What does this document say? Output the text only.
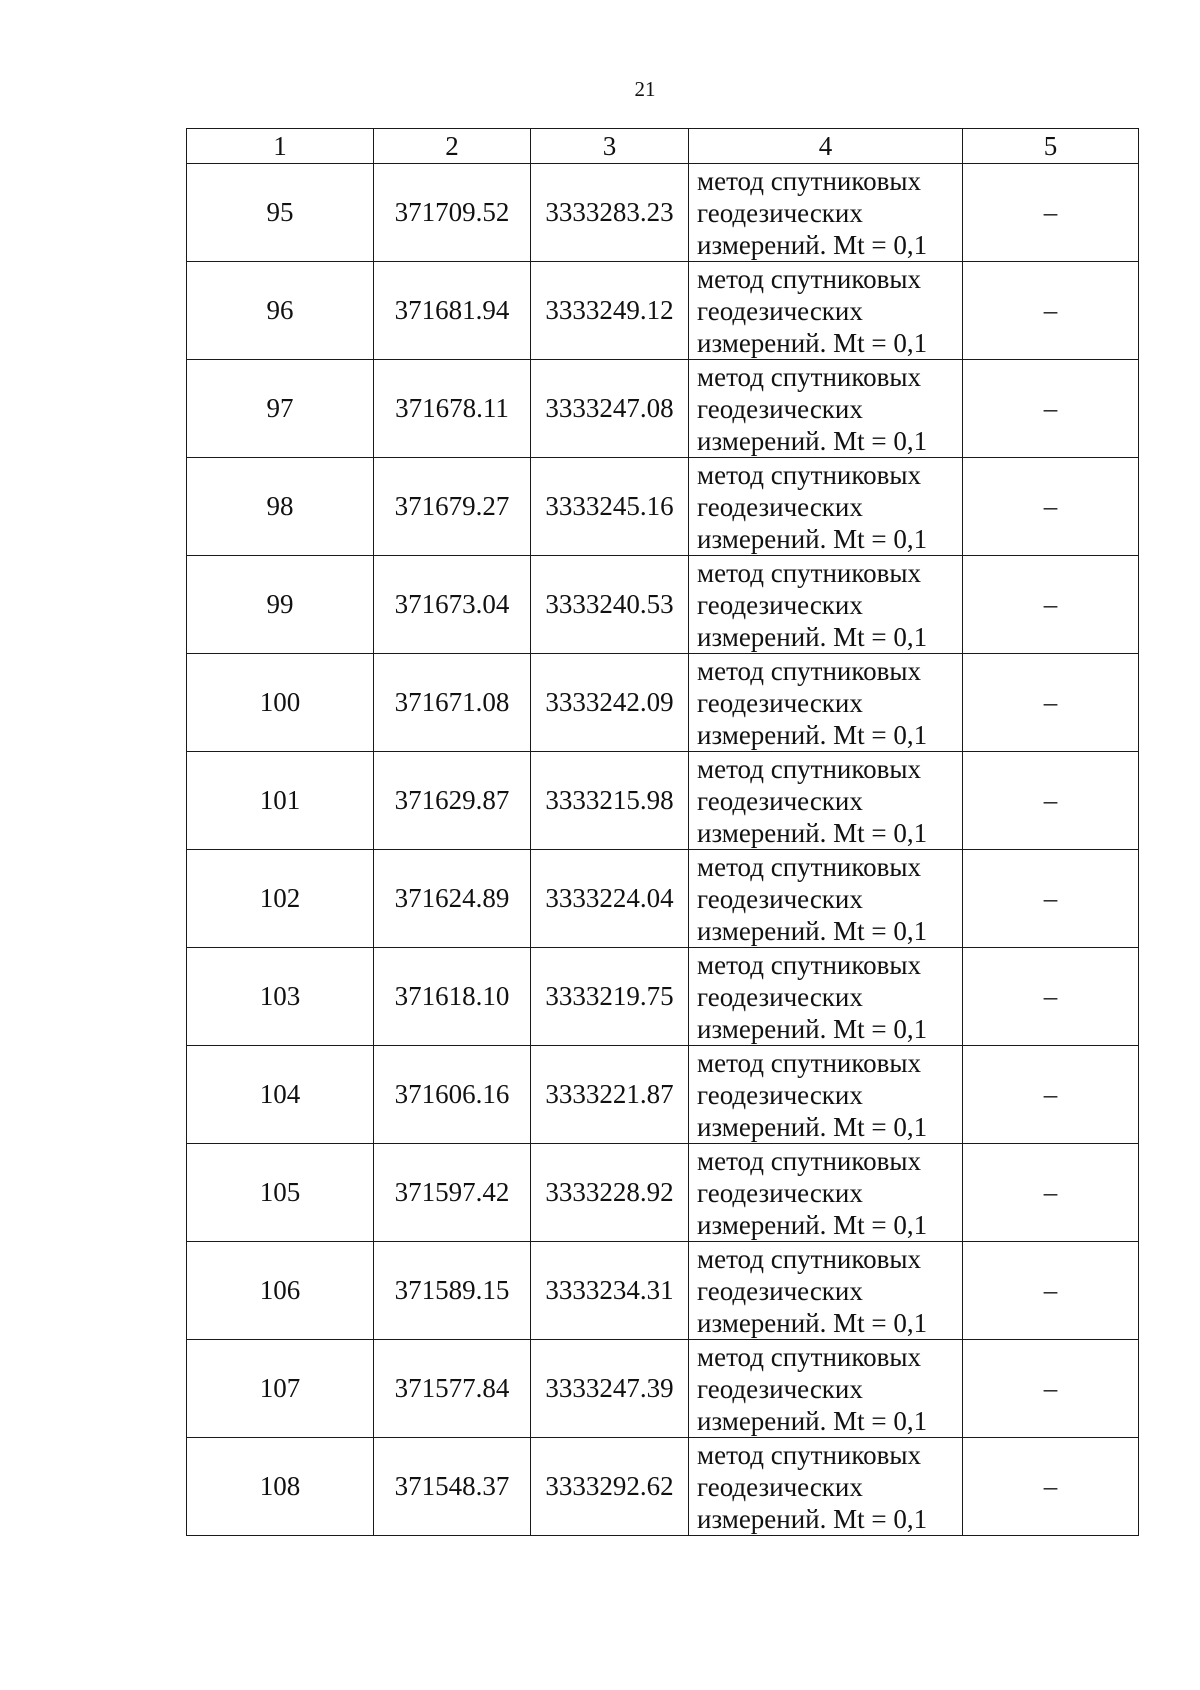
21
1	2	3	4	5
95	371709.52	3333283.23	метод спутниковых
геодезических
измерений. Mt = 0,1	–
96	371681.94	3333249.12	метод спутниковых
геодезических
измерений. Mt = 0,1	–
97	371678.11	3333247.08	метод спутниковых
геодезических
измерений. Mt = 0,1	–
98	371679.27	3333245.16	метод спутниковых
геодезических
измерений. Mt = 0,1	–
99	371673.04	3333240.53	метод спутниковых
геодезических
измерений. Mt = 0,1	–
100	371671.08	3333242.09	метод спутниковых
геодезических
измерений. Mt = 0,1	–
101	371629.87	3333215.98	метод спутниковых
геодезических
измерений. Mt = 0,1	–
102	371624.89	3333224.04	метод спутниковых
геодезических
измерений. Mt = 0,1	–
103	371618.10	3333219.75	метод спутниковых
геодезических
измерений. Mt = 0,1	–
104	371606.16	3333221.87	метод спутниковых
геодезических
измерений. Mt = 0,1	–
105	371597.42	3333228.92	метод спутниковых
геодезических
измерений. Mt = 0,1	–
106	371589.15	3333234.31	метод спутниковых
геодезических
измерений. Mt = 0,1	–
107	371577.84	3333247.39	метод спутниковых
геодезических
измерений. Mt = 0,1	–
108	371548.37	3333292.62	метод спутниковых
геодезических
измерений. Mt = 0,1	–
